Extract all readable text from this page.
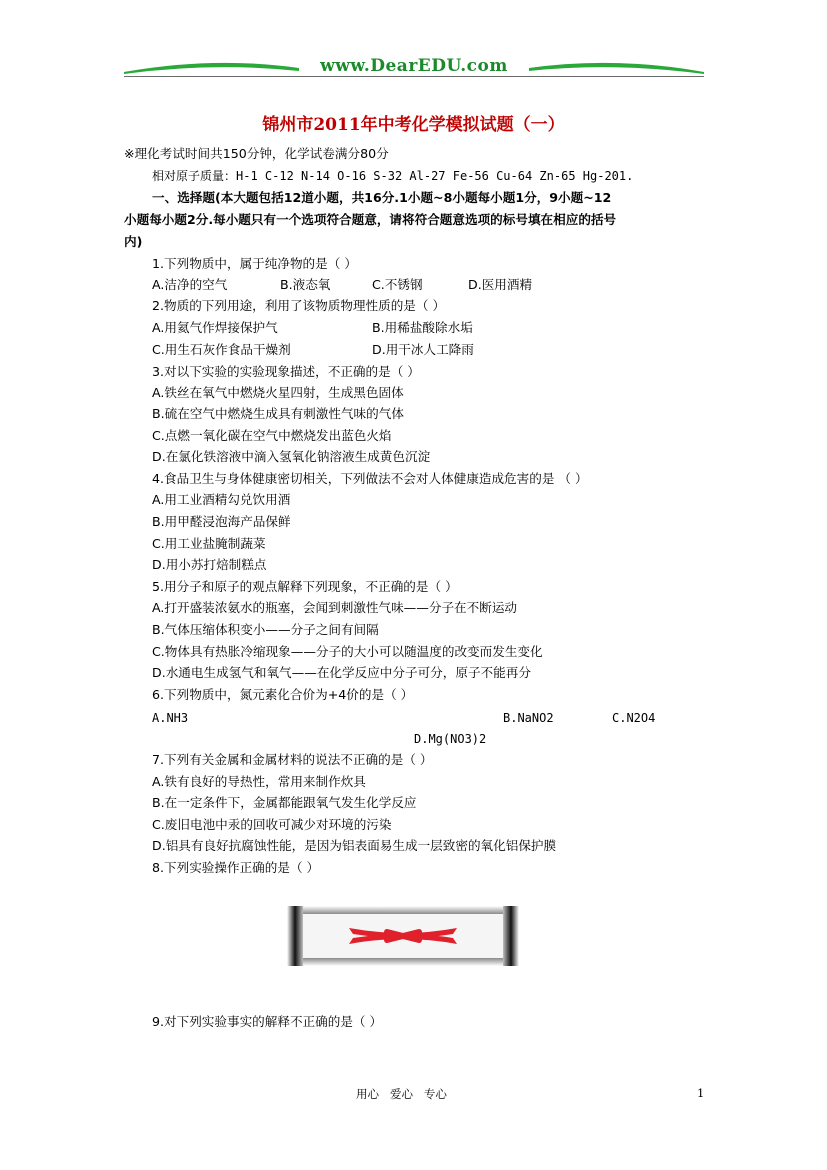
www.DearEDU.com
锦州市2011年中考化学模拟试题（一）
※理化考试时间共150分钟，化学试卷满分80分
相对原子质量：H-1 C-12 N-14 O-16 S-32 Al-27 Fe-56 Cu-64 Zn-65 Hg-201.
一、选择题(本大题包括12道小题，共16分.1小题~8小题每小题1分，9小题~12
小题每小题2分.每小题只有一个选项符合题意，请将符合题意选项的标号填在相应的括号
内)
1.下列物质中，属于纯净物的是（ ）
A.洁净的空气	B.液态氧	C.不锈钢	D.医用酒精
2.物质的下列用途，利用了该物质物理性质的是（ ）
A.用氦气作焊接保护气	B.用稀盐酸除水垢
C.用生石灰作食品干燥剂	D.用干冰人工降雨
3.对以下实验的实验现象描述，不正确的是（ ）
A.铁丝在氧气中燃烧火星四射，生成黑色固体
B.硫在空气中燃烧生成具有刺激性气味的气体
C.点燃一氧化碳在空气中燃烧发出蓝色火焰
D.在氯化铁溶液中滴入氢氧化钠溶液生成黄色沉淀
4.食品卫生与身体健康密切相关，下列做法不会对人体健康造成危害的是 （ ）
A.用工业酒精勾兑饮用酒
B.用甲醛浸泡海产品保鲜
C.用工业盐腌制蔬菜
D.用小苏打焙制糕点
5.用分子和原子的观点解释下列现象，不正确的是（ ）
A.打开盛装浓氨水的瓶塞，会闻到刺激性气味——分子在不断运动
B.气体压缩体积变小——分子之间有间隔
C.物体具有热胀冷缩现象——分子的大小可以随温度的改变而发生变化
D.水通电生成氢气和氧气——在化学反应中分子可分，原子不能再分
6.下列物质中，氮元素化合价为+4价的是（ ）
A.NH3	B.NaNO2	C.N2O4
D.Mg(NO3)2
7.下列有关金属和金属材料的说法不正确的是（ ）
A.铁有良好的导热性，常用来制作炊具
B.在一定条件下，金属都能跟氧气发生化学反应
C.废旧电池中汞的回收可减少对环境的污染
D.铝具有良好抗腐蚀性能，是因为铝表面易生成一层致密的氧化铝保护膜
8.下列实验操作正确的是（ ）
9.对下列实验事实的解释不正确的是（ ）
用心   爱心   专心	1
